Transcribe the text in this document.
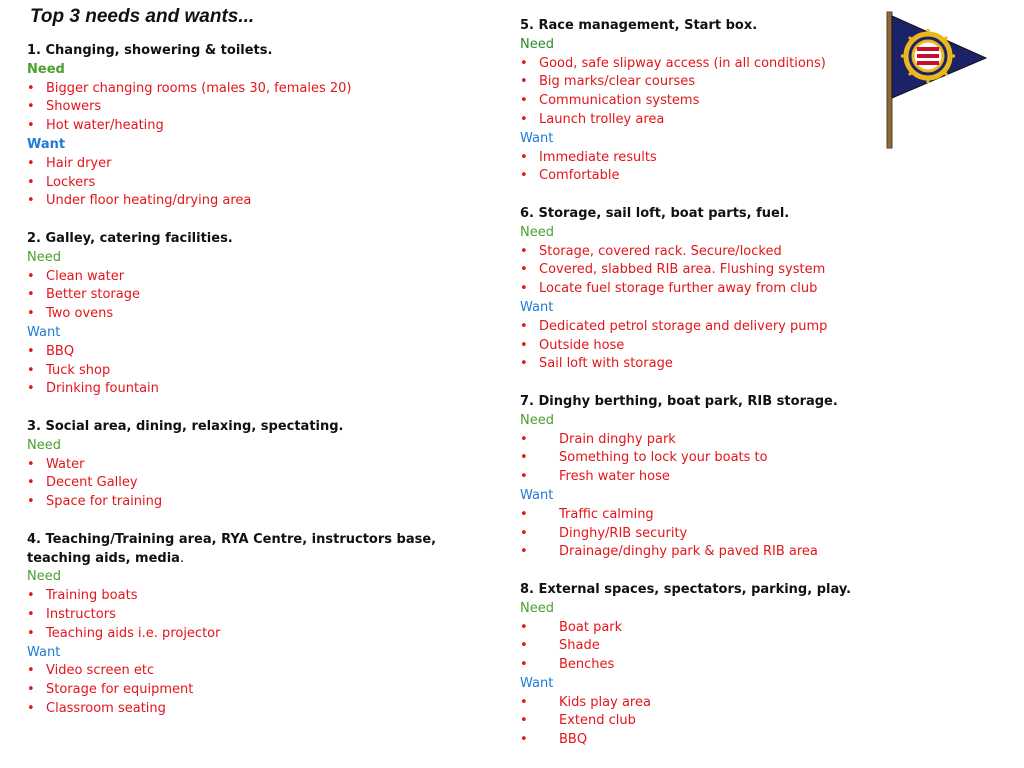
Top 3 needs and wants...
1. Changing, showering & toilets.
Need
• Bigger changing rooms (males 30, females 20)
• Showers
• Hot water/heating
Want
• Hair dryer
• Lockers
• Under floor heating/drying area
2. Galley, catering facilities.
Need
• Clean water
• Better storage
• Two ovens
Want
• BBQ
• Tuck shop
• Drinking fountain
3. Social area, dining, relaxing, spectating.
Need
• Water
• Decent Galley
• Space for training
4. Teaching/Training area, RYA Centre, instructors base, teaching aids, media.
Need
• Training boats
• Instructors
• Teaching aids i.e. projector
Want
• Video screen etc
• Storage for equipment
• Classroom seating
5. Race management, Start box.
Need
• Good, safe slipway access (in all conditions)
• Big marks/clear courses
• Communication systems
• Launch trolley area
Want
• Immediate results
• Comfortable
6. Storage, sail loft, boat parts, fuel.
Need
• Storage, covered rack. Secure/locked
• Covered, slabbed RIB area. Flushing system
• Locate fuel storage further away from club
Want
• Dedicated petrol storage and delivery pump
• Outside hose
• Sail loft with storage
7. Dinghy berthing, boat park, RIB storage.
Need
• Drain dinghy park
• Something to lock your boats to
• Fresh water hose
Want
• Traffic calming
• Dinghy/RIB security
• Drainage/dinghy park & paved RIB area
8. External spaces, spectators, parking, play.
Need
• Boat park
• Shade
• Benches
Want
• Kids play area
• Extend club
• BBQ
